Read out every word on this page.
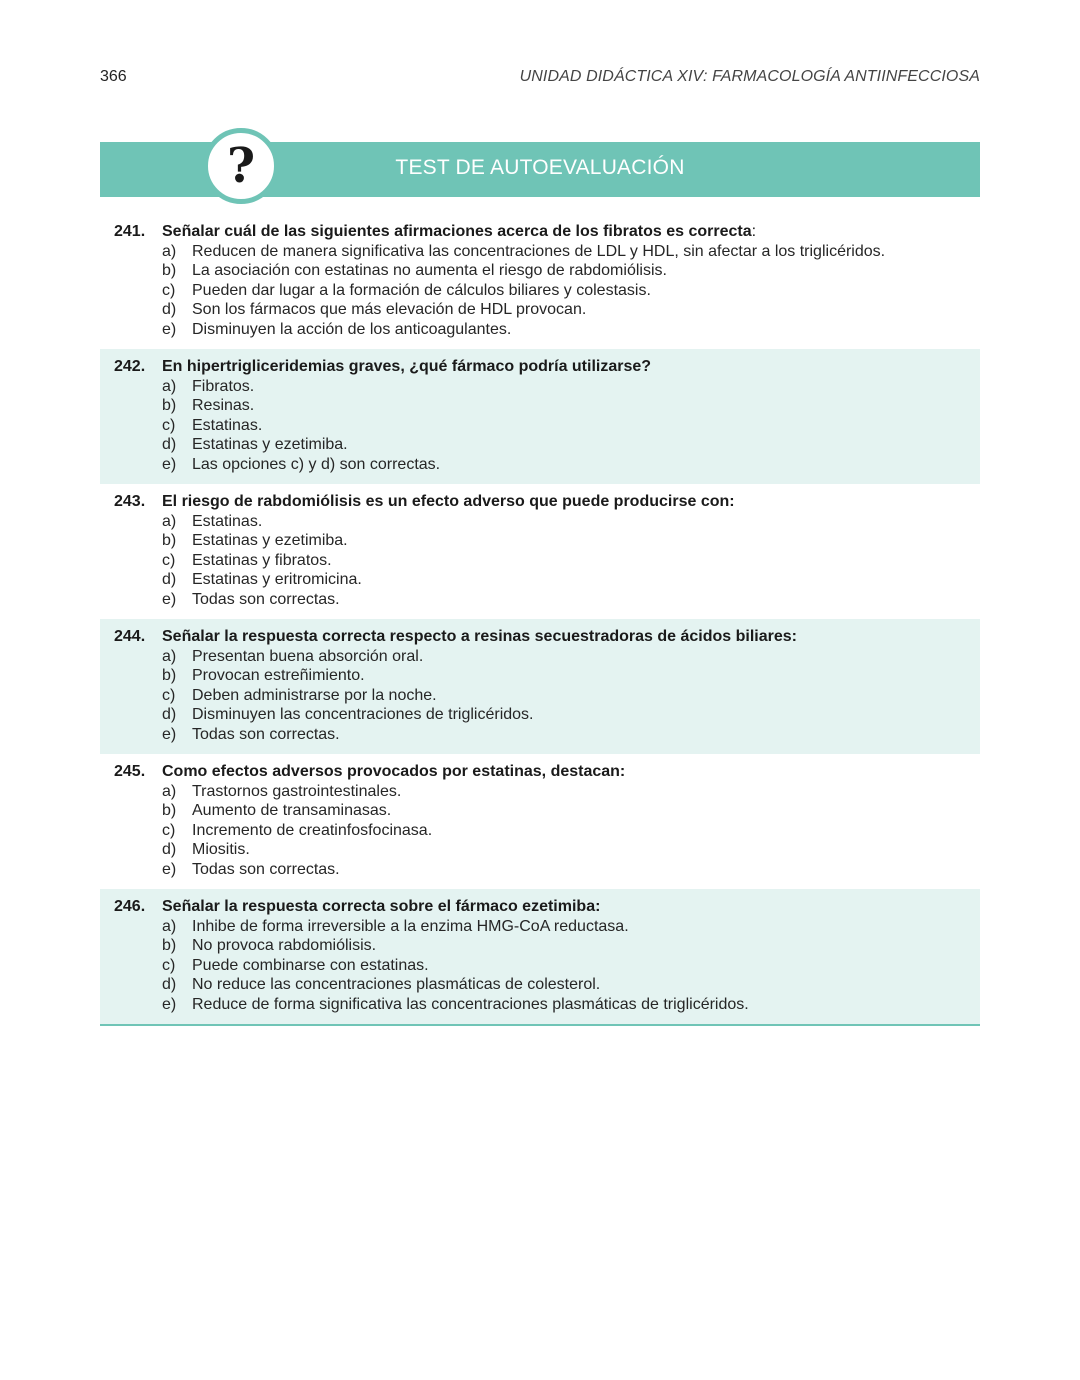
366	UNIDAD DIDÁCTICA XIV: FARMACOLOGÍA ANTIINFECCIOSA
TEST DE AUTOEVALUACIÓN
?
241.	Señalar cuál de las siguientes afirmaciones acerca de los fibratos es correcta:
a) Reducen de manera significativa las concentraciones de LDL y HDL, sin afectar a los triglicéridos.
b) La asociación con estatinas no aumenta el riesgo de rabdomiólisis.
c)	Pueden dar lugar a la formación de cálculos biliares y colestasis.
d) Son los fármacos que más elevación de HDL provocan.
e) Disminuyen la acción de los anticoagulantes.
242.	En hipertrigliceridemias graves, ¿qué fármaco podría utilizarse?
a) Fibratos.
b) Resinas.
c)	Estatinas.
d) Estatinas y ezetimiba.
e) Las opciones c) y d) son correctas.
243.	El riesgo de rabdomiólisis es un efecto adverso que puede producirse con:
a) Estatinas.
b) Estatinas y ezetimiba.
c)	Estatinas y fibratos.
d) Estatinas y eritromicina.
e) Todas son correctas.
244.	Señalar la respuesta correcta respecto a resinas secuestradoras de ácidos biliares:
a) Presentan buena absorción oral.
b) Provocan estreñimiento.
c)	Deben administrarse por la noche.
d) Disminuyen las concentraciones de triglicéridos.
e) Todas son correctas.
245.	Como efectos adversos provocados por estatinas, destacan:
a) Trastornos gastrointestinales.
b) Aumento de transaminasas.
c)	Incremento de creatinfosfocinasa.
d) Miositis.
e) Todas son correctas.
246.	Señalar la respuesta correcta sobre el fármaco ezetimiba:
a) Inhibe de forma irreversible a la enzima HMG-CoA reductasa.
b) No provoca rabdomiólisis.
c)	Puede combinarse con estatinas.
d) No reduce las concentraciones plasmáticas de colesterol.
e) Reduce de forma significativa las concentraciones plasmáticas de triglicéridos.
